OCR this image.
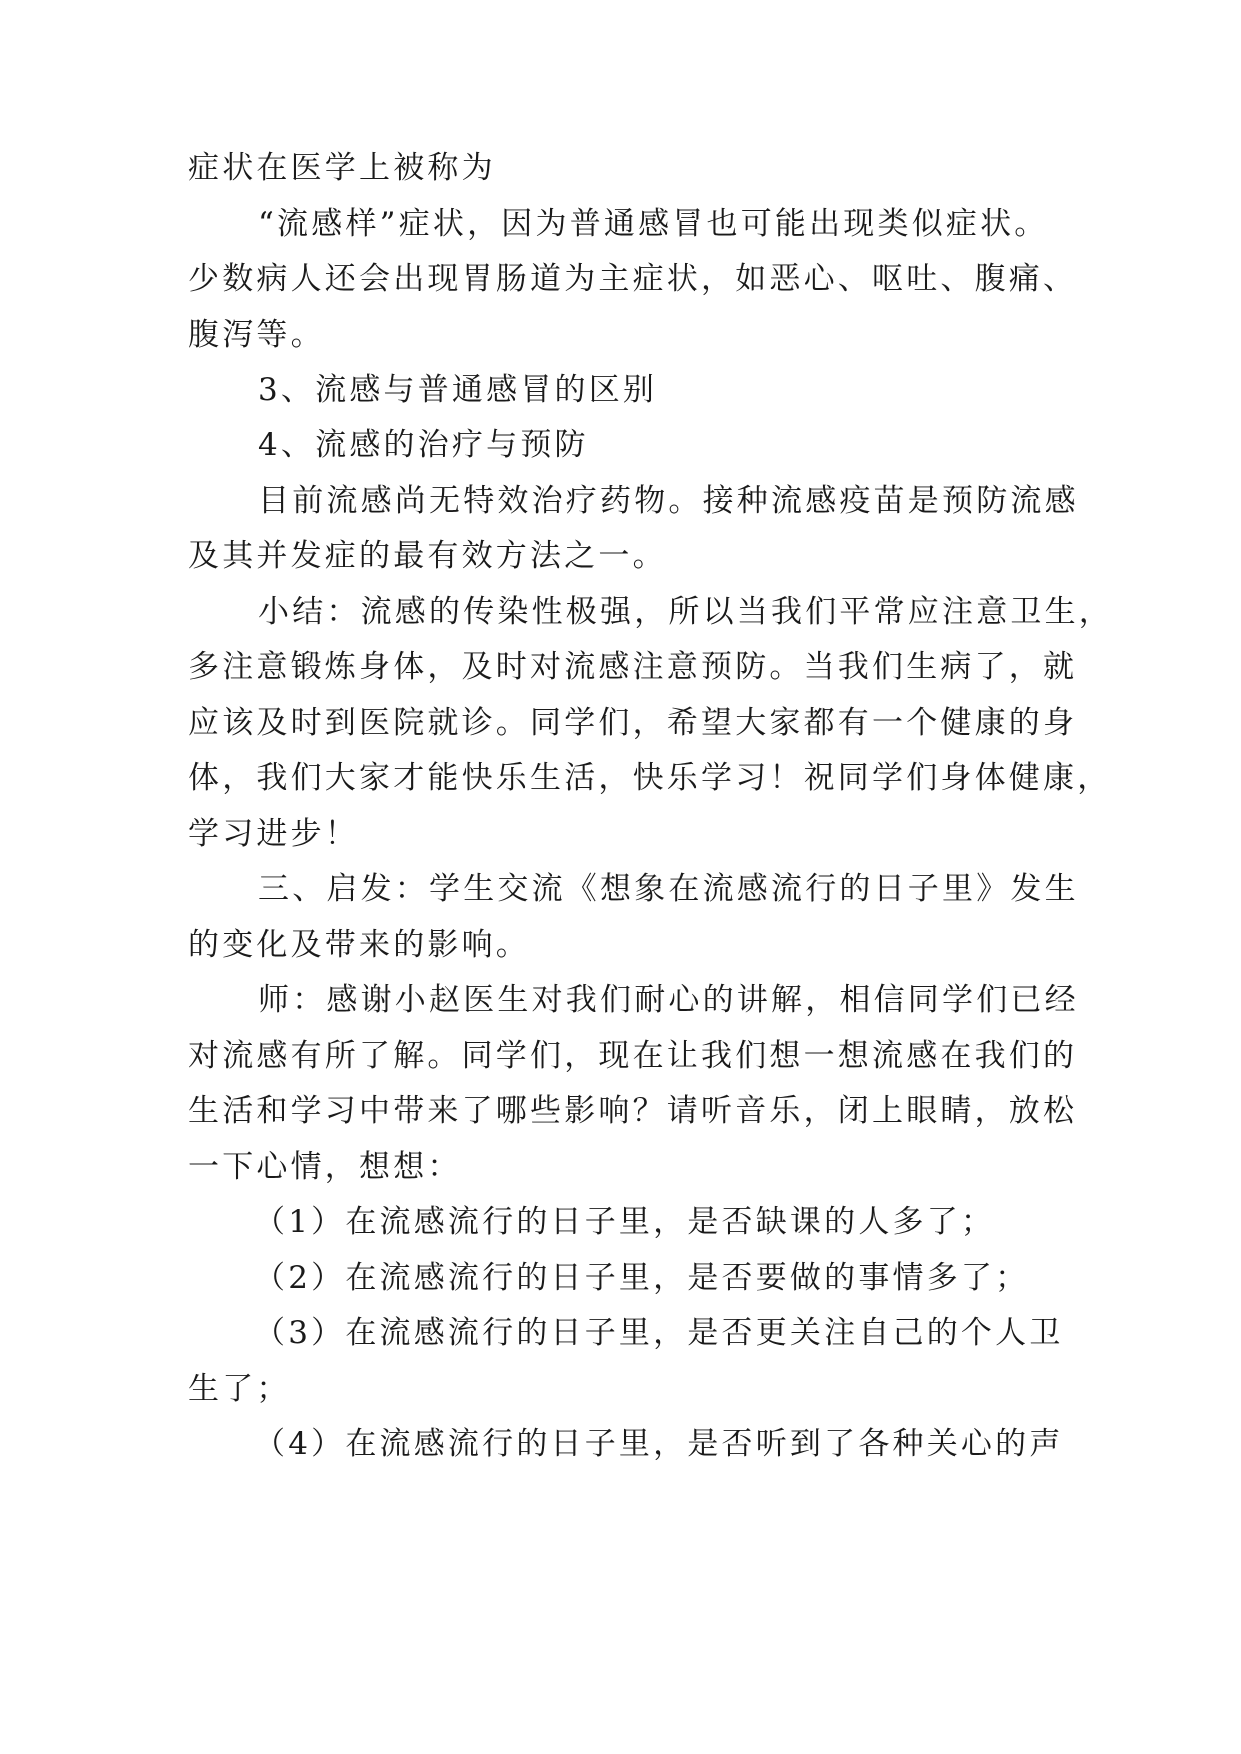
症状在医学上被称为
“流感样”症状，因为普通感冒也可能出现类似症状。
少数病人还会出现胃肠道为主症状，如恶心、呕吐、腹痛、
腹泻等。
3、流感与普通感冒的区别
4、流感的治疗与预防
目前流感尚无特效治疗药物。接种流感疫苗是预防流感
及其并发症的最有效方法之一。
小结：流感的传染性极强，所以当我们平常应注意卫生，
多注意锻炼身体，及时对流感注意预防。当我们生病了，就
应该及时到医院就诊。同学们，希望大家都有一个健康的身
体，我们大家才能快乐生活，快乐学习！祝同学们身体健康，
学习进步！
三、启发：学生交流《想象在流感流行的日子里》发生
的变化及带来的影响。
师：感谢小赵医生对我们耐心的讲解，相信同学们已经
对流感有所了解。同学们，现在让我们想一想流感在我们的
生活和学习中带来了哪些影响？请听音乐，闭上眼睛，放松
一下心情，想想：
（1）在流感流行的日子里，是否缺课的人多了；
（2）在流感流行的日子里，是否要做的事情多了；
（3）在流感流行的日子里，是否更关注自己的个人卫
生了；
（4）在流感流行的日子里，是否听到了各种关心的声
